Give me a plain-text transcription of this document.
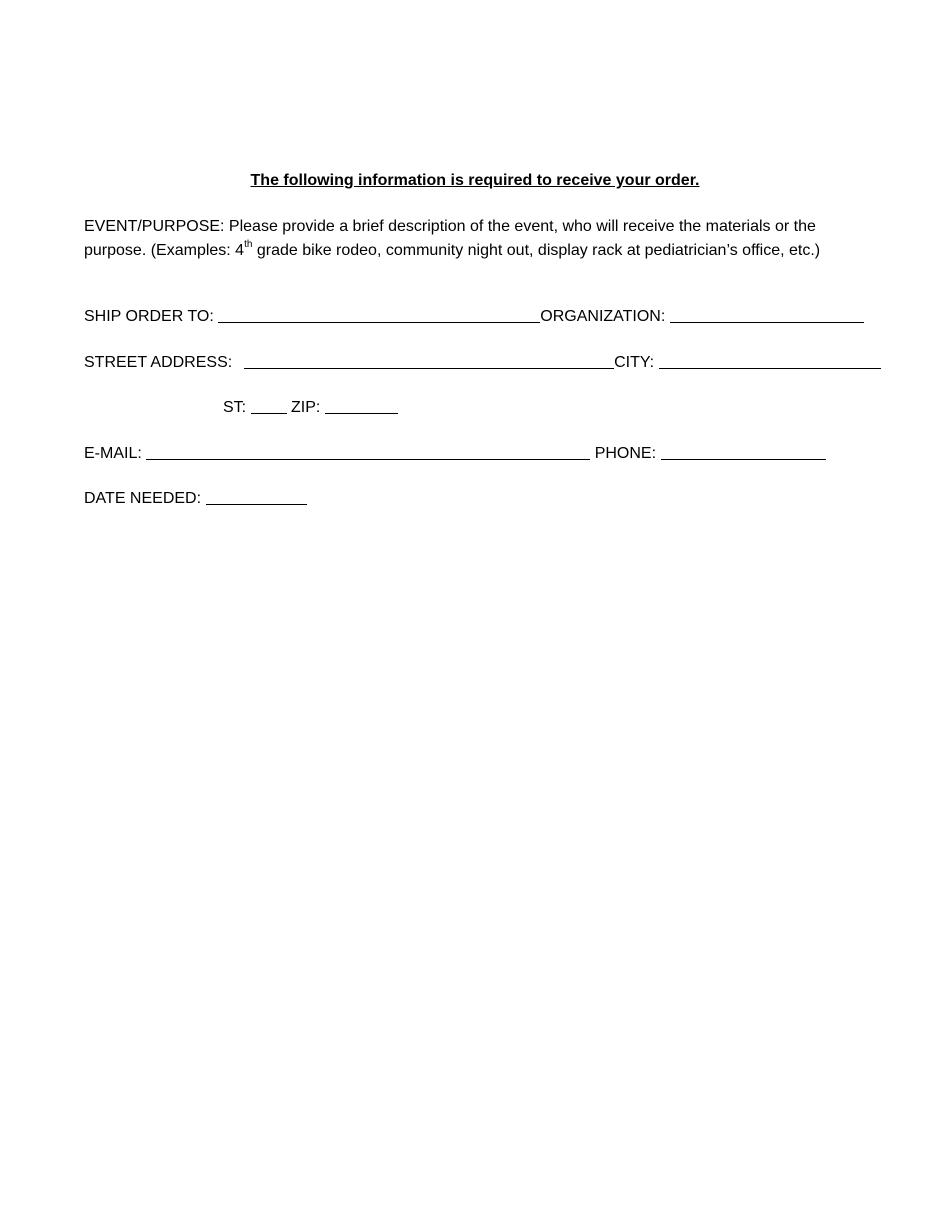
The following information is required to receive your order.
EVENT/PURPOSE: Please provide a brief description of the event, who will receive the materials or the purpose. (Examples: 4th grade bike rodeo, community night out, display rack at pediatrician’s office, etc.)
SHIP ORDER TO:	ORGANIZATION:
STREET ADDRESS:	CITY:
ST:	ZIP:
E-MAIL:	PHONE:
DATE NEEDED:
